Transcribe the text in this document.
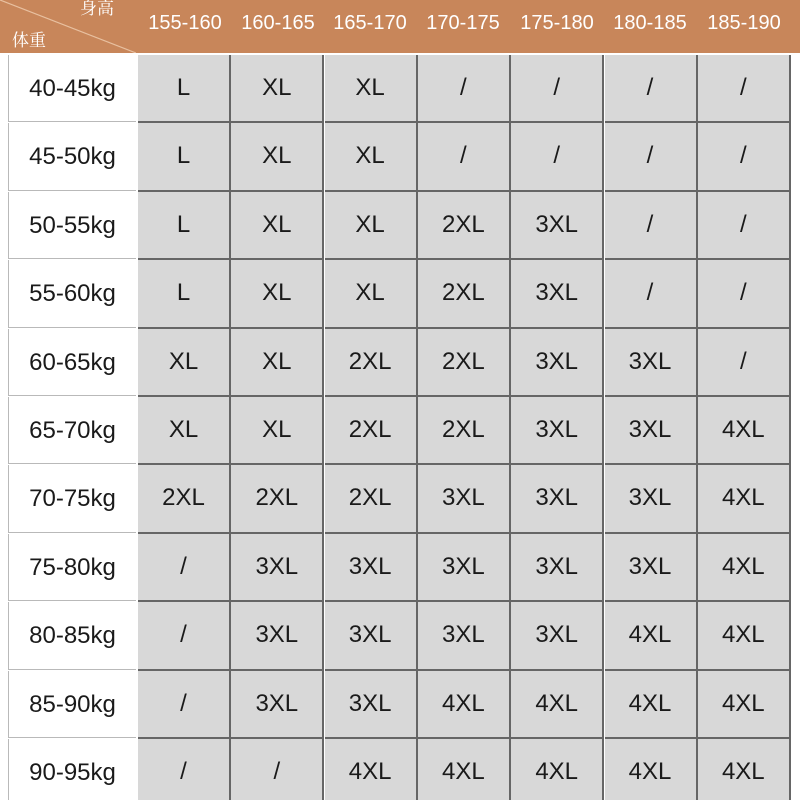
身高
体重
155-160 160-165 165-170 170-175	175-180 180-185	185-190
40-45kg	L	XL	XL	/	/	/	/
45-50kg	L	XL	XL	/	/	/	/
50-55kg	L	XL	XL	2XL	3XL	/	/
55-60kg	L	XL	XL	2XL	3XL	/	/
60-65kg	XL	XL	2XL	2XL	3XL	3XL	/
65-70kg	XL	XL	2XL	2XL	3XL	3XL	4XL
70-75kg	2XL	2XL	2XL	3XL	3XL	3XL	4XL
75-80kg	/	3XL	3XL	3XL	3XL	3XL	4XL
80-85kg	/	3XL	3XL	3XL	3XL	4XL	4XL
85-90kg	/	3XL	3XL	4XL	4XL	4XL	4XL
90-95kg	/	/	4XL	4XL	4XL	4XL	4XL
